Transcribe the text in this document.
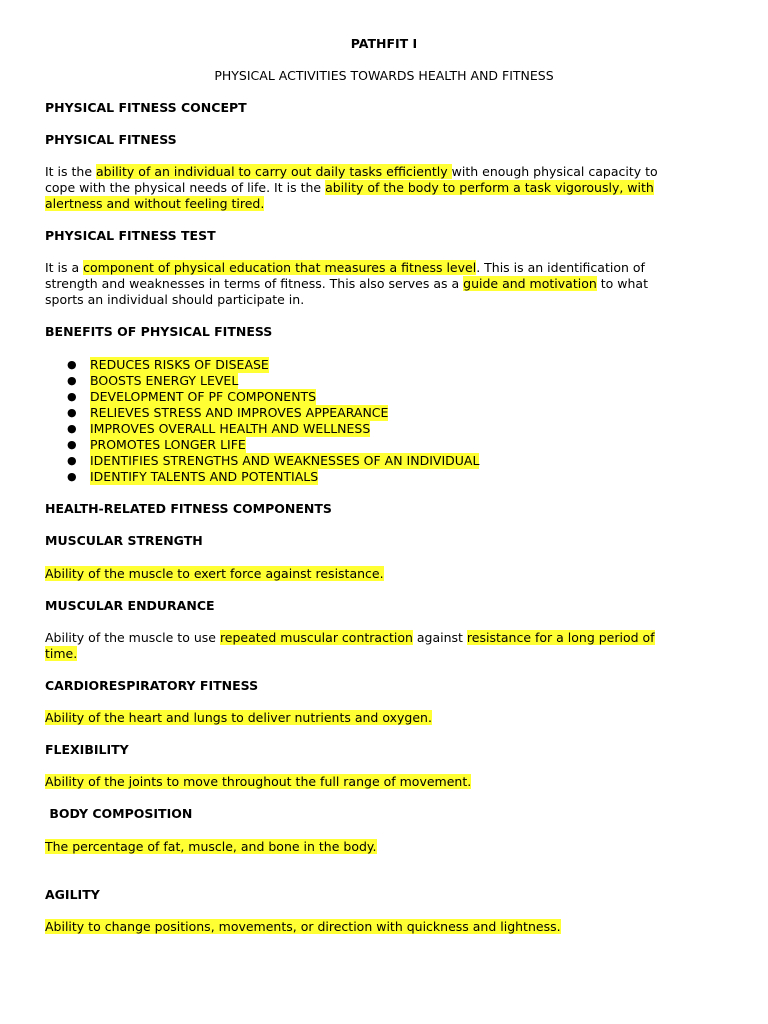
PATHFIT I
PHYSICAL ACTIVITIES TOWARDS HEALTH AND FITNESS
PHYSICAL FITNESS CONCEPT
PHYSICAL FITNESS
It is the ability of an individual to carry out daily tasks efficiently with enough physical capacity to
cope with the physical needs of life. It is the ability of the body to perform a task vigorously, with
alertness and without feeling tired.
PHYSICAL FITNESS TEST
It is a component of physical education that measures a fitness level. This is an identification of
strength and weaknesses in terms of fitness. This also serves as a guide and motivation to what
sports an individual should participate in.
BENEFITS OF PHYSICAL FITNESS
● REDUCES RISKS OF DISEASE
● BOOSTS ENERGY LEVEL
● DEVELOPMENT OF PF COMPONENTS
● RELIEVES STRESS AND IMPROVES APPEARANCE
● IMPROVES OVERALL HEALTH AND WELLNESS
● PROMOTES LONGER LIFE
● IDENTIFIES STRENGTHS AND WEAKNESSES OF AN INDIVIDUAL
● IDENTIFY TALENTS AND POTENTIALS
HEALTH-RELATED FITNESS COMPONENTS
MUSCULAR STRENGTH
Ability of the muscle to exert force against resistance.
MUSCULAR ENDURANCE
Ability of the muscle to use repeated muscular contraction against resistance for a long period of
time.
CARDIORESPIRATORY FITNESS
Ability of the heart and lungs to deliver nutrients and oxygen.
FLEXIBILITY
Ability of the joints to move throughout the full range of movement.
BODY COMPOSITION
The percentage of fat, muscle, and bone in the body.
AGILITY
Ability to change positions, movements, or direction with quickness and lightness.
